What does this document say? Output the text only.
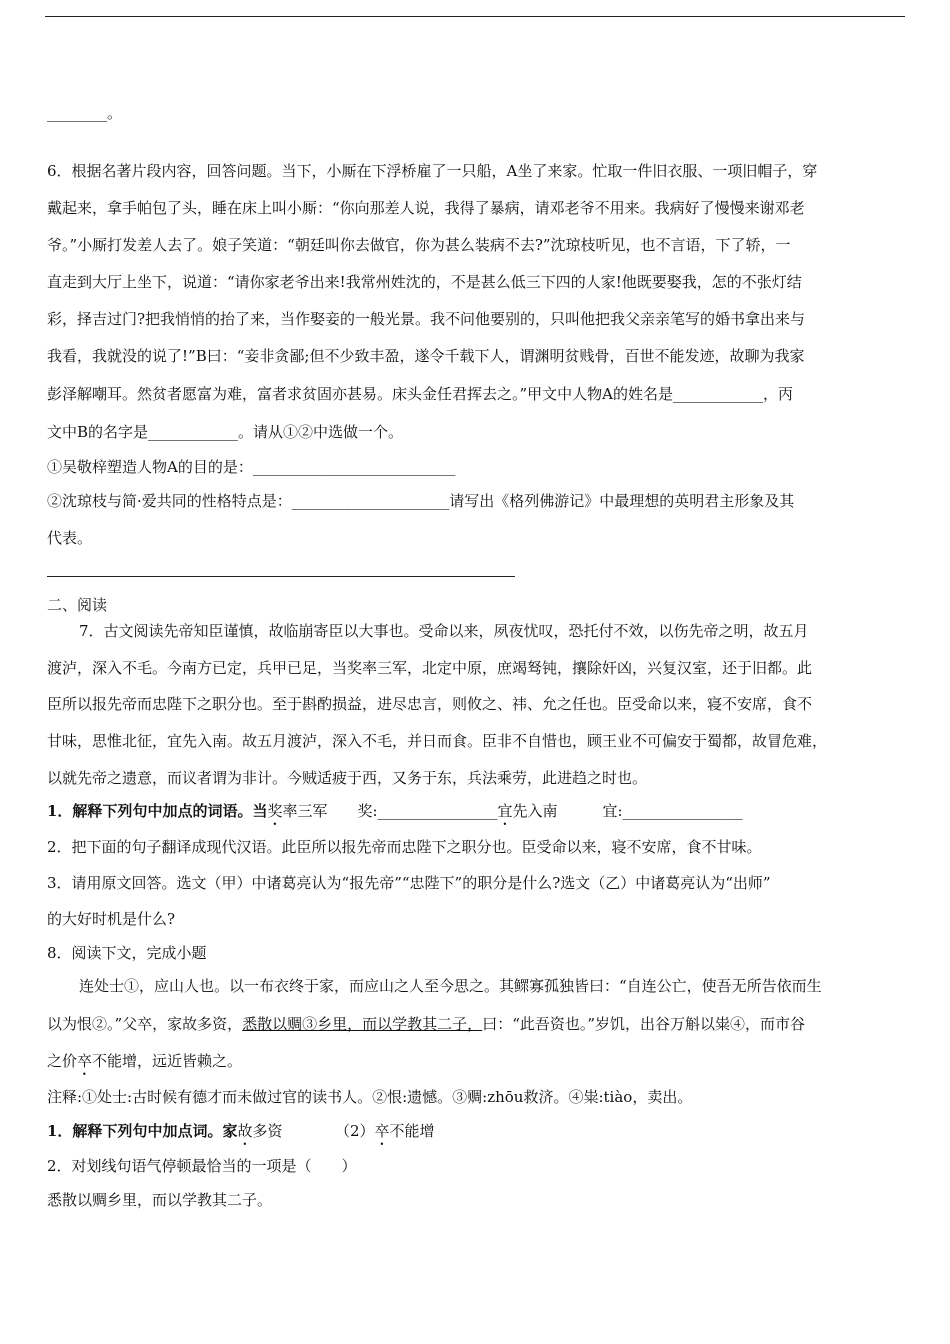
________。
6．根据名著片段内容，回答问题。当下，小厮在下浮桥雇了一只船，A坐了来家。忙取一件旧衣服、一项旧帽子，穿
戴起来，拿手帕包了头，睡在床上叫小厮：“你向那差人说，我得了暴病，请邓老爷不用来。我病好了慢慢来谢邓老
爷。”小厮打发差人去了。娘子笑道：“朝廷叫你去做官，你为甚么装病不去?”沈琼枝听见，也不言语，下了轿，一
直走到大厅上坐下，说道：“请你家老爷出来!我常州姓沈的，不是甚么低三下四的人家!他既要娶我，怎的不张灯结
彩，择吉过门?把我悄悄的抬了来，当作娶妾的一般光景。我不问他要别的，只叫他把我父亲亲笔写的婚书拿出来与
我看，我就没的说了!”B曰：“妾非贪鄙;但不少致丰盈，遂令千载下人，谓渊明贫贱骨，百世不能发迹，故聊为我家
彭泽解嘲耳。然贫者愿富为难，富者求贫固亦甚易。床头金任君挥去之。”甲文中人物A的姓名是____________，丙
文中B的名字是____________。请从①②中选做一个。
①吴敬梓塑造人物A的目的是：___________________________
②沈琼枝与简·爱共同的性格特点是：_____________________请写出《格列佛游记》中最理想的英明君主形象及其
代表。
二、阅读
7．古文阅读先帝知臣谨慎，故临崩寄臣以大事也。受命以来，夙夜忧叹，恐托付不效，以伤先帝之明，故五月
渡泸，深入不毛。今南方已定，兵甲已足，当奖率三军，北定中原，庶竭驽钝，攘除奸凶，兴复汉室，还于旧都。此
臣所以报先帝而忠陛下之职分也。至于斟酌损益，进尽忠言，则攸之、祎、允之任也。臣受命以来，寝不安席，食不
甘味，思惟北征，宜先入南。故五月渡泸，深入不毛，并日而食。臣非不自惜也，顾王业不可偏安于蜀都，故冒危难，
以就先帝之遗意，而议者谓为非计。今贼适疲于西，又务于东，兵法乘劳，此进趋之时也。
1．解释下列句中加点的词语。当奖率三军　　奖:________________宜先入南　　　宜:________________
2．把下面的句子翻译成现代汉语。此臣所以报先帝而忠陛下之职分也。臣受命以来，寝不安席，食不甘味。
3．请用原文回答。选文（甲）中诸葛亮认为“报先帝”“忠陛下”的职分是什么?选文（乙）中诸葛亮认为“出师”
的大好时机是什么?
8．阅读下文，完成小题
连处士①，应山人也。以一布衣终于家，而应山之人至今思之。其鳏寡孤独皆曰：“自连公亡，使吾无所告依而生
以为恨②。”父卒，家故多资，悉散以赒③乡里，而以学教其二子，曰：“此吾资也。”岁饥，出谷万斛以粜④，而市谷
之价卒不能增，远近皆赖之。
注释:①处士:古时候有德才而未做过官的读书人。②恨:遗憾。③赒:zhōu救济。④粜:tiào，卖出。
1．解释下列句中加点词。家故多资　　　　（2）卒不能增
2．对划线句语气停顿最恰当的一项是（　　）
悉散以赒乡里，而以学教其二子。
